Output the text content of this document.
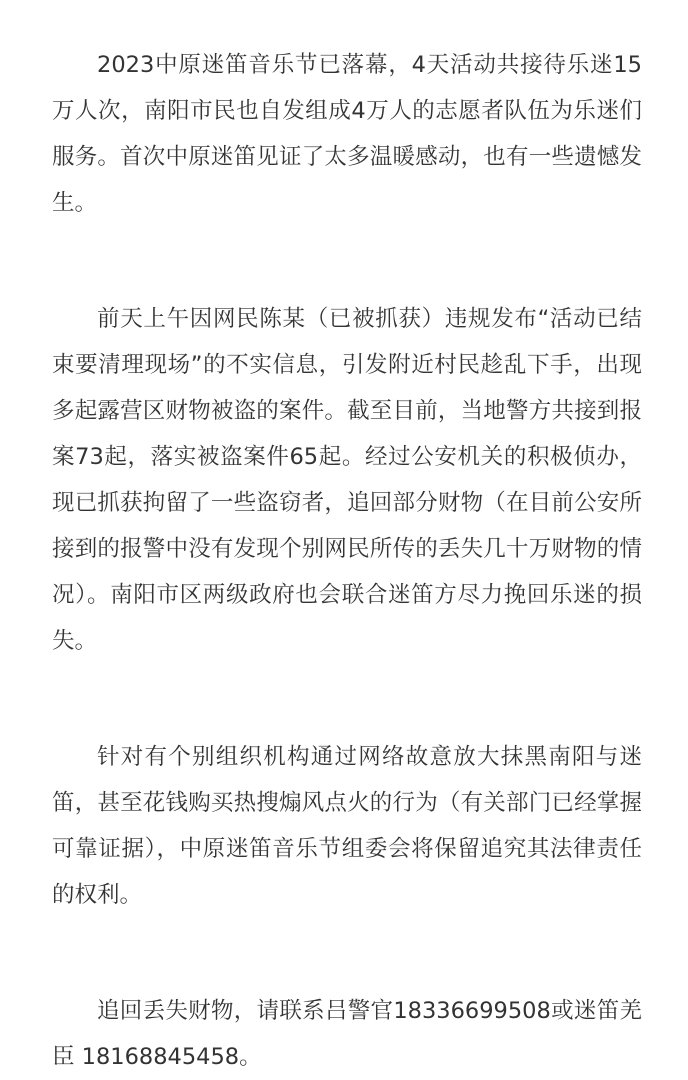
2023中原迷笛音乐节已落幕，4天活动共接待乐迷15万人次，南阳市民也自发组成4万人的志愿者队伍为乐迷们服务。首次中原迷笛见证了太多温暖感动，也有一些遗憾发生。

前天上午因网民陈某（已被抓获）违规发布“活动已结束要清理现场”的不实信息，引发附近村民趁乱下手，出现多起露营区财物被盗的案件。截至目前，当地警方共接到报案73起，落实被盗案件65起。经过公安机关的积极侦办，现已抓获拘留了一些盗窃者，追回部分财物（在目前公安所接到的报警中没有发现个别网民所传的丢失几十万财物的情况）。南阳市区两级政府也会联合迷笛方尽力挽回乐迷的损失。

针对有个别组织机构通过网络故意放大抹黑南阳与迷笛，甚至花钱购买热搜煽风点火的行为（有关部门已经掌握可靠证据），中原迷笛音乐节组委会将保留追究其法律责任的权利。

追回丢失财物，请联系吕警官18336699508或迷笛羌臣 18168845458。
